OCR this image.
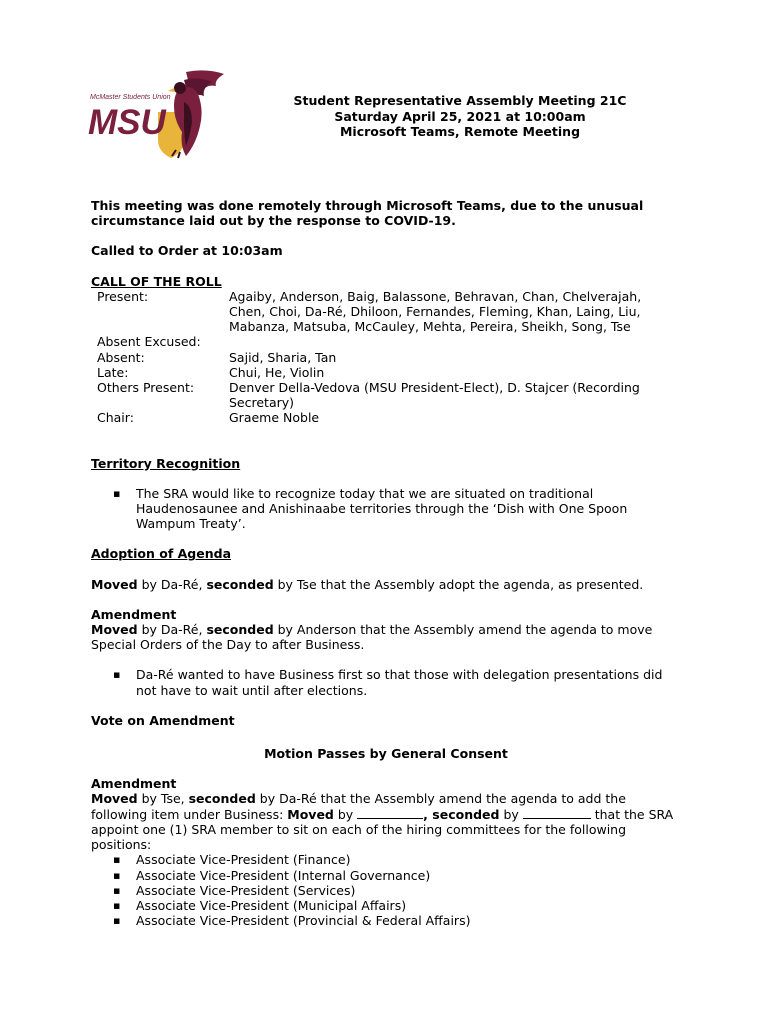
McMaster Students Union
MSU
Student Representative Assembly Meeting 21C
Saturday April 25, 2021 at 10:00am
Microsoft Teams, Remote Meeting

This meeting was done remotely through Microsoft Teams, due to the unusual circumstance laid out by the response to COVID-19.

Called to Order at 10:03am

CALL OF THE ROLL

Present:	Agaiby, Anderson, Baig, Balassone, Behravan, Chan, Chelverajah, Chen, Choi, Da-Ré, Dhiloon, Fernandes, Fleming, Khan, Laing, Liu, Mabanza, Matsuba, McCauley, Mehta, Pereira, Sheikh, Song, Tse
Absent Excused:
Absent:	Sajid, Sharia, Tan
Late:	Chui, He, Violin
Others Present:	Denver Della-Vedova (MSU President-Elect), D. Stajcer (Recording Secretary)
Chair:	Graeme Noble

Territory Recognition

▪ The SRA would like to recognize today that we are situated on traditional Haudenosaunee and Anishinaabe territories through the ‘Dish with One Spoon Wampum Treaty’.

Adoption of Agenda

Moved by Da-Ré, seconded by Tse that the Assembly adopt the agenda, as presented.

Amendment

Moved by Da-Ré, seconded by Anderson that the Assembly amend the agenda to move Special Orders of the Day to after Business.

▪ Da-Ré wanted to have Business first so that those with delegation presentations did not have to wait until after elections.

Vote on Amendment

Motion Passes by General Consent

Amendment

Moved by Tse, seconded by Da-Ré that the Assembly amend the agenda to add the following item under Business: Moved by	, seconded by	that the SRA appoint one (1) SRA member to sit on each of the hiring committees for the following positions:

▪ Associate Vice-President (Finance)
▪ Associate Vice-President (Internal Governance)
▪ Associate Vice-President (Services)
▪ Associate Vice-President (Municipal Affairs)
▪ Associate Vice-President (Provincial & Federal Affairs)
